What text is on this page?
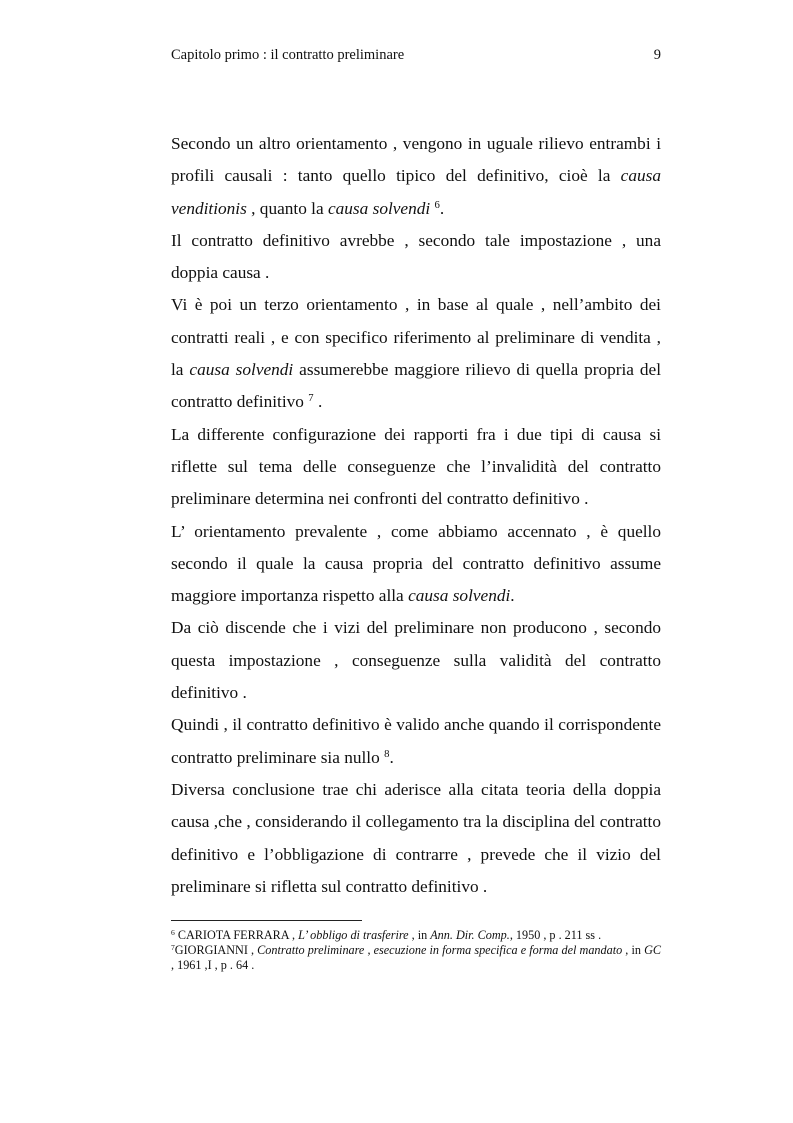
Capitolo primo : il contratto preliminare	9

Secondo un altro orientamento , vengono in uguale rilievo entrambi i profili causali : tanto quello tipico del definitivo, cioè la causa venditionis , quanto la causa solvendi $^6$.

Il contratto definitivo avrebbe , secondo tale impostazione , una doppia causa .

Vi è poi un terzo orientamento , in base al quale , nell’ambito dei contratti reali , e con specifico riferimento al preliminare di vendita , la causa solvendi assumerebbe maggiore rilievo di quella propria del contratto definitivo $^7$ .

La differente configurazione dei rapporti fra i due tipi di causa si riflette sul tema delle conseguenze che l’invalidità del contratto preliminare determina nei confronti del contratto definitivo .

L’ orientamento prevalente , come abbiamo accennato , è quello secondo il quale la causa propria del contratto definitivo assume maggiore importanza rispetto alla causa solvendi.

Da ciò discende che i vizi del preliminare non producono , secondo questa impostazione , conseguenze sulla validità del contratto definitivo .

Quindi , il contratto definitivo è valido anche quando il corrispondente contratto preliminare sia nullo $^8$.

Diversa conclusione trae chi aderisce alla citata teoria della doppia causa ,che , considerando il collegamento tra la disciplina del contratto definitivo e l’obbligazione di contrarre , prevede che il vizio del preliminare si rifletta sul contratto definitivo .

$^6$ CARIOTA FERRARA , L’ obbligo di trasferire , in Ann. Dir. Comp., 1950 , p . 211 ss .

$^7$GIORGIANNI , Contratto preliminare , esecuzione in forma specifica e forma del mandato , in GC , 1961 ,I , p . 64 .
